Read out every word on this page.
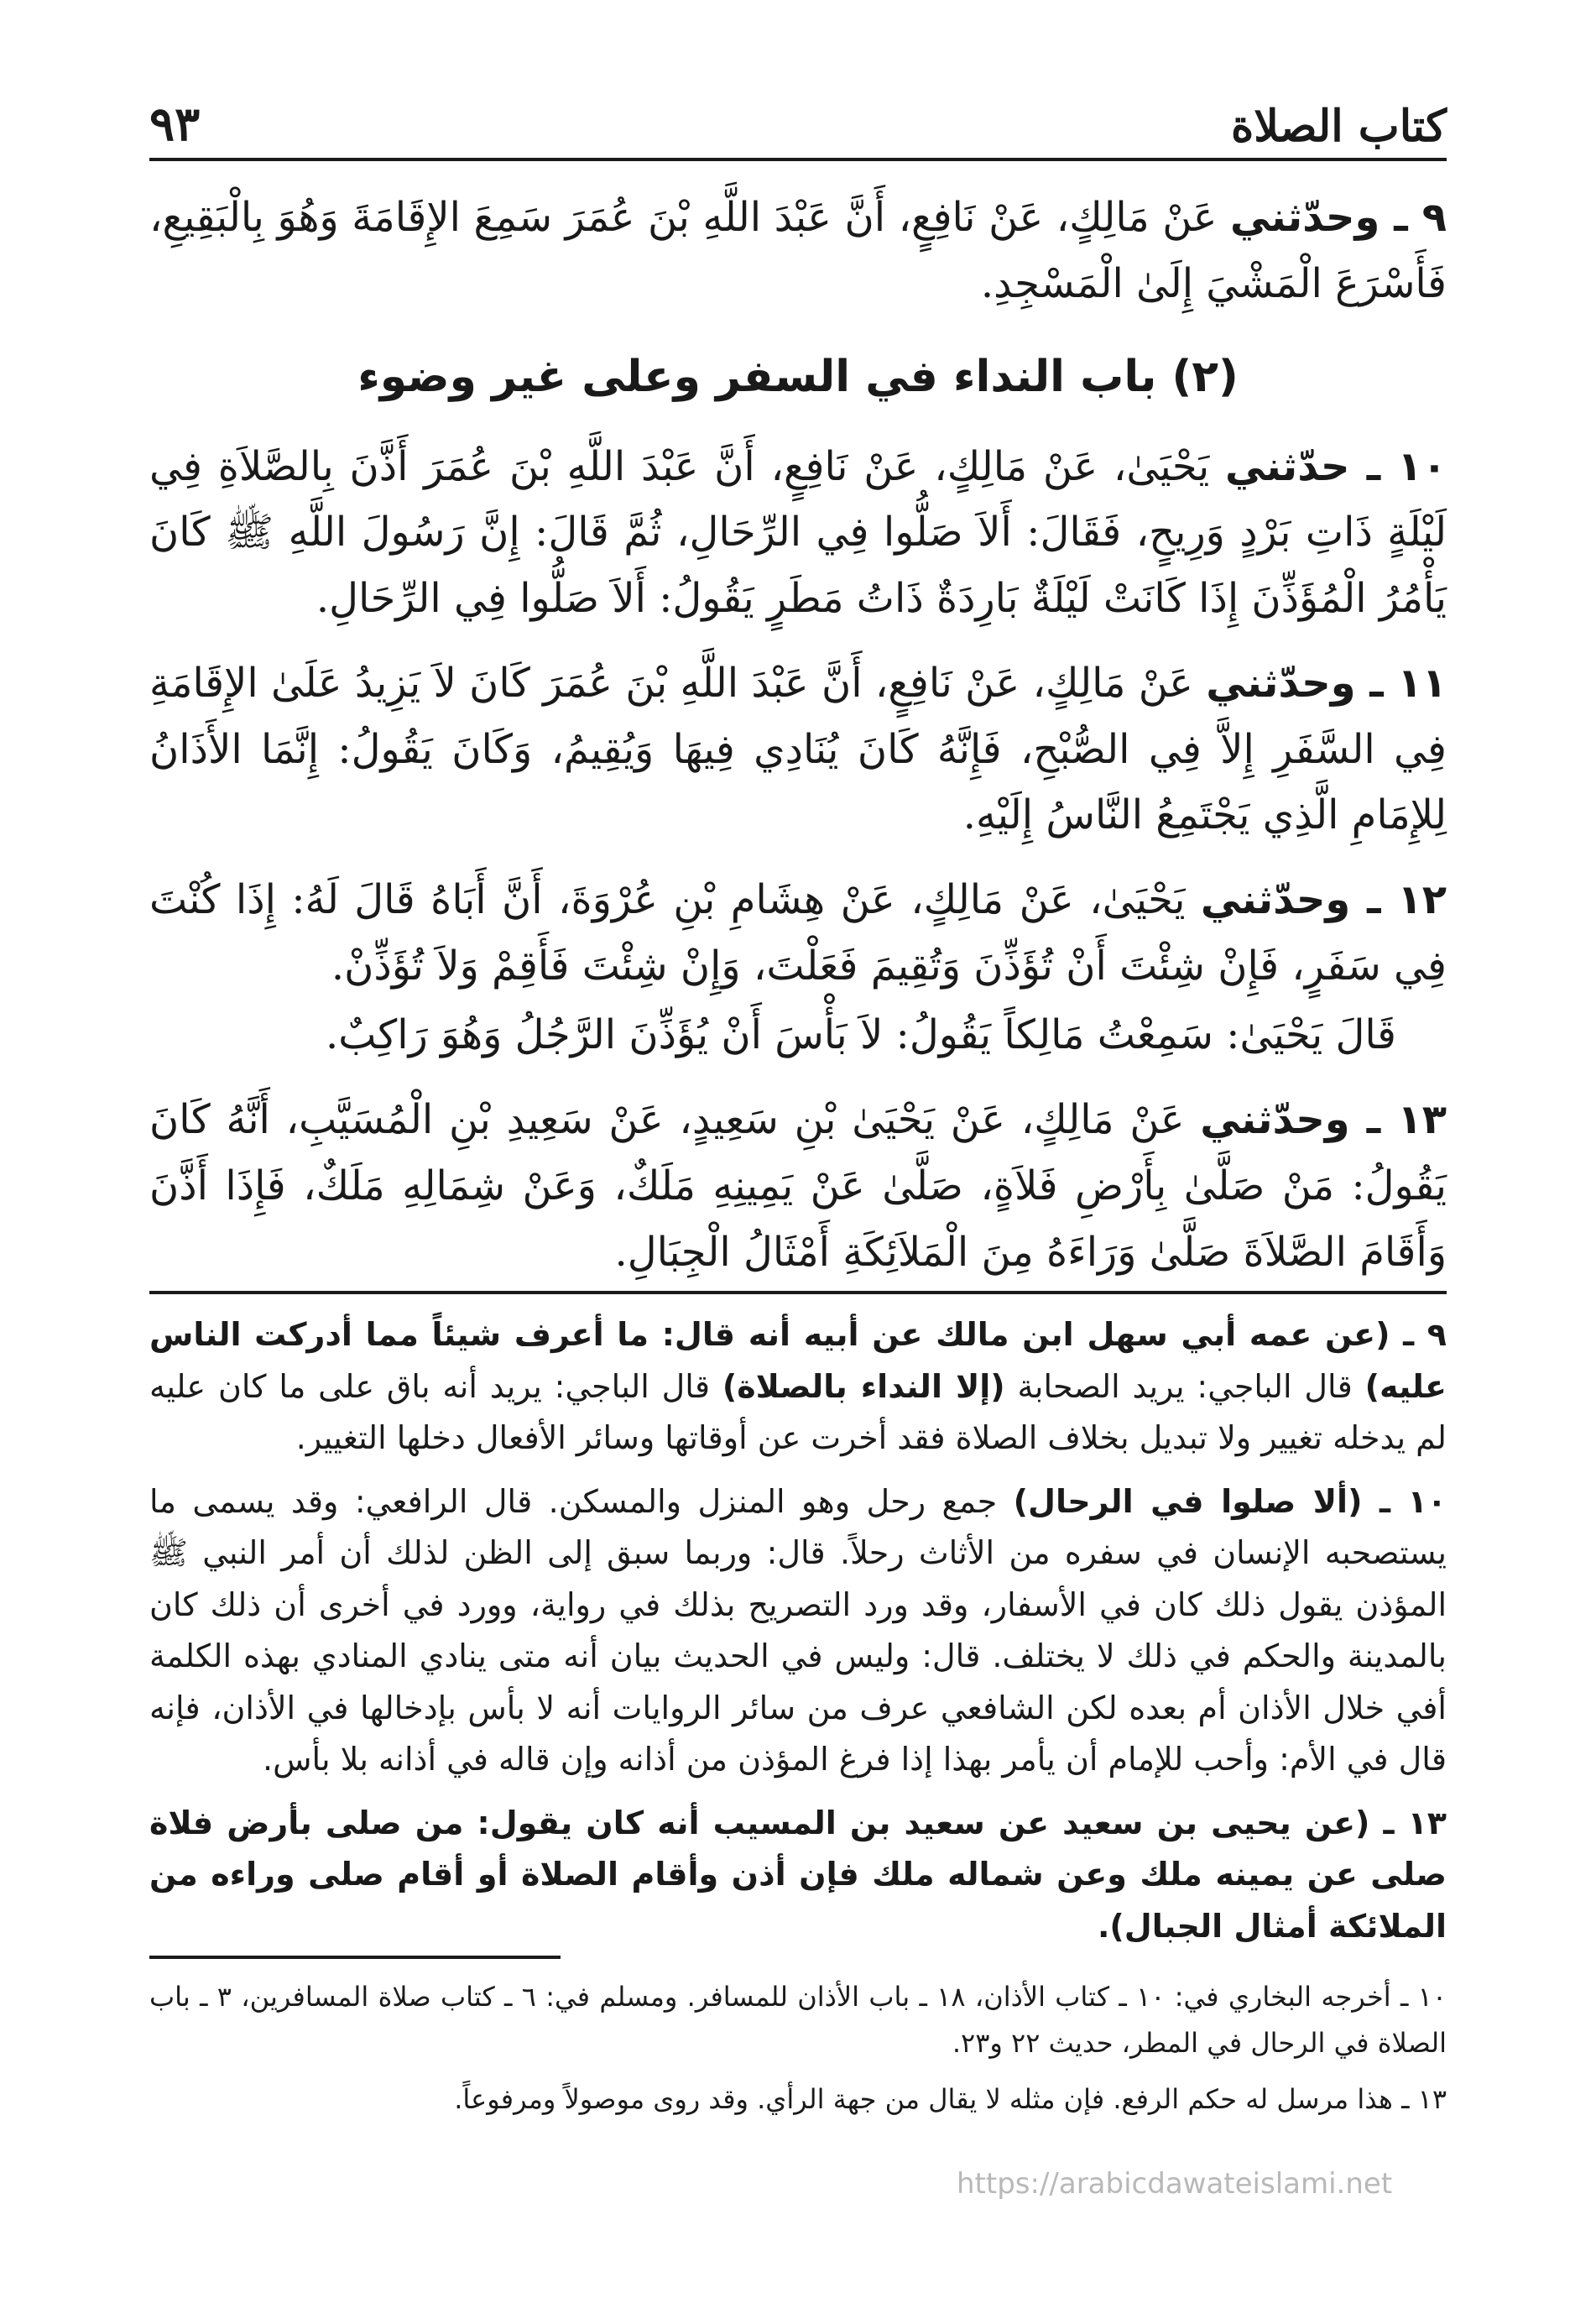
كتاب الصلاة
٩٣

٩ ـ وحدّثني عَنْ مَالِكٍ، عَنْ نَافِعٍ، أَنَّ عَبْدَ اللَّهِ بْنَ عُمَرَ سَمِعَ الإِقَامَةَ وَهُوَ بِالْبَقِيعِ، فَأَسْرَعَ الْمَشْيَ إِلَىٰ الْمَسْجِدِ.

(٢) باب النداء في السفر وعلى غير وضوء

١٠ ـ حدّثني يَحْيَىٰ، عَنْ مَالِكٍ، عَنْ نَافِعٍ، أَنَّ عَبْدَ اللَّهِ بْنَ عُمَرَ أَذَّنَ بِالصَّلاَةِ فِي لَيْلَةٍ ذَاتِ بَرْدٍ وَرِيحٍ، فَقَالَ: أَلاَ صَلُّوا فِي الرِّحَالِ، ثُمَّ قَالَ: إِنَّ رَسُولَ اللَّهِ ﷺ كَانَ يَأْمُرُ الْمُؤَذِّنَ إِذَا كَانَتْ لَيْلَةٌ بَارِدَةٌ ذَاتُ مَطَرٍ يَقُولُ: أَلاَ صَلُّوا فِي الرِّحَالِ.

١١ ـ وحدّثني عَنْ مَالِكٍ، عَنْ نَافِعٍ، أَنَّ عَبْدَ اللَّهِ بْنَ عُمَرَ كَانَ لاَ يَزِيدُ عَلَىٰ الإِقَامَةِ فِي السَّفَرِ إِلاَّ فِي الصُّبْحِ، فَإِنَّهُ كَانَ يُنَادِي فِيهَا وَيُقِيمُ، وَكَانَ يَقُولُ: إِنَّمَا الأَذَانُ لِلإِمَامِ الَّذِي يَجْتَمِعُ النَّاسُ إِلَيْهِ.

١٢ ـ وحدّثني يَحْيَىٰ، عَنْ مَالِكٍ، عَنْ هِشَامِ بْنِ عُرْوَةَ، أَنَّ أَبَاهُ قَالَ لَهُ: إِذَا كُنْتَ فِي سَفَرٍ، فَإِنْ شِئْتَ أَنْ تُؤَذِّنَ وَتُقِيمَ فَعَلْتَ، وَإِنْ شِئْتَ فَأَقِمْ وَلاَ تُؤَذِّنْ.

قَالَ يَحْيَىٰ: سَمِعْتُ مَالِكاً يَقُولُ: لاَ بَأْسَ أَنْ يُؤَذِّنَ الرَّجُلُ وَهُوَ رَاكِبٌ.

١٣ ـ وحدّثني عَنْ مَالِكٍ، عَنْ يَحْيَىٰ بْنِ سَعِيدٍ، عَنْ سَعِيدِ بْنِ الْمُسَيَّبِ، أَنَّهُ كَانَ يَقُولُ: مَنْ صَلَّىٰ بِأَرْضِ فَلاَةٍ، صَلَّىٰ عَنْ يَمِينِهِ مَلَكٌ، وَعَنْ شِمَالِهِ مَلَكٌ، فَإِذَا أَذَّنَ وَأَقَامَ الصَّلاَةَ صَلَّىٰ وَرَاءَهُ مِنَ الْمَلاَئِكَةِ أَمْثَالُ الْجِبَالِ.

٩ ـ (عن عمه أبي سهل ابن مالك عن أبيه أنه قال: ما أعرف شيئاً مما أدركت الناس عليه) قال الباجي: يريد الصحابة (إلا النداء بالصلاة) قال الباجي: يريد أنه باق على ما كان عليه لم يدخله تغيير ولا تبديل بخلاف الصلاة فقد أخرت عن أوقاتها وسائر الأفعال دخلها التغيير.

١٠ ـ (ألا صلوا في الرحال) جمع رحل وهو المنزل والمسكن. قال الرافعي: وقد يسمى ما يستصحبه الإنسان في سفره من الأثاث رحلاً. قال: وربما سبق إلى الظن لذلك أن أمر النبي ﷺ المؤذن يقول ذلك كان في الأسفار، وقد ورد التصريح بذلك في رواية، وورد في أخرى أن ذلك كان بالمدينة والحكم في ذلك لا يختلف. قال: وليس في الحديث بيان أنه متى ينادي المنادي بهذه الكلمة أفي خلال الأذان أم بعده لكن الشافعي عرف من سائر الروايات أنه لا بأس بإدخالها في الأذان، فإنه قال في الأم: وأحب للإمام أن يأمر بهذا إذا فرغ المؤذن من أذانه وإن قاله في أذانه بلا بأس.

١٣ ـ (عن يحيى بن سعيد عن سعيد بن المسيب أنه كان يقول: من صلى بأرض فلاة صلى عن يمينه ملك وعن شماله ملك فإن أذن وأقام الصلاة أو أقام صلى وراءه من الملائكة أمثال الجبال).

١٠ ـ أخرجه البخاري في: ١٠ ـ كتاب الأذان، ١٨ ـ باب الأذان للمسافر. ومسلم في: ٦ ـ كتاب صلاة المسافرين، ٣ ـ باب الصلاة في الرحال في المطر، حديث ٢٢ و٢٣.

١٣ ـ هذا مرسل له حكم الرفع. فإن مثله لا يقال من جهة الرأي. وقد روى موصولاً ومرفوعاً.

https://arabicdawateislami.net
